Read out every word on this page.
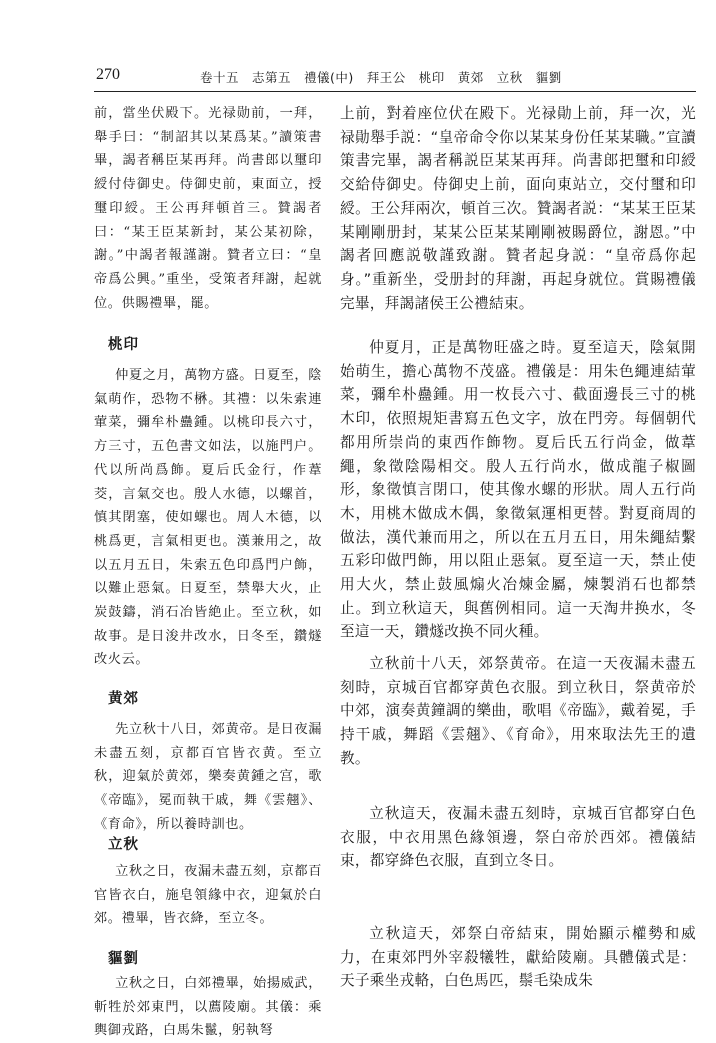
270	卷十五　志第五　禮儀(中)　拜王公　桃印　黄郊　立秋　貙劉

前，當坐伏殿下。光禄勋前，一拜，舉手曰：“制詔其以某爲某。”讀策書畢，謁者稱臣某再拜。尚書郎以璽印綬付侍御史。侍御史前，東面立，授璽印綬。王公再拜頓首三。贊謁者曰：“某王臣某新封，某公某初除，謝。”中謁者報謹謝。贊者立曰：“皇帝爲公興。”重坐，受策者拜謝，起就位。供賜禮畢，罷。

桃印

仲夏之月，萬物方盛。日夏至，陰氣萌作，恐物不楙。其禮：以朱索連葷菜，彌牟朴蠱鍾。以桃印長六寸，方三寸，五色書文如法，以施門户。代以所尚爲飾。夏后氏金行，作葦茭，言氣交也。殷人水德，以螺首，慎其閉塞，使如螺也。周人木德，以桃爲更，言氣相更也。漢兼用之，故以五月五日，朱索五色印爲門户飾，以難止惡氣。日夏至，禁舉大火，止炭鼓鑄，消石冶皆絶止。至立秋，如故事。是日浚井改水，日冬至，鑽燧改火云。

黄郊

先立秋十八日，郊黄帝。是日夜漏未盡五刻，京都百官皆衣黄。至立秋，迎氣於黄郊，樂奏黄鍾之宫，歌《帝臨》，冕而執干戚，舞《雲翹》、《育命》，所以養時訓也。

立秋

立秋之日，夜漏未盡五刻，京都百官皆衣白，施皂領緣中衣，迎氣於白郊。禮畢，皆衣絳，至立冬。

貙劉

立秋之日，白郊禮畢，始揚威武，斬牲於郊東門，以薦陵廟。其儀：乘輿御戎路，白馬朱鬣，躬執弩

上前，對着座位伏在殿下。光禄勛上前，拜一次，光禄勛舉手説：“皇帝命令你以某某身份任某某職。”宣讀策書完畢，謁者稱説臣某某再拜。尚書郎把璽和印綬交給侍御史。侍御史上前，面向東站立，交付璽和印綬。王公拜兩次，頓首三次。贊謁者説：“某某王臣某某剛剛册封，某某公臣某某剛剛被賜爵位，謝恩。”中謁者回應説敬謹致謝。贊者起身説：“皇帝爲你起身。”重新坐，受册封的拜謝，再起身就位。賞賜禮儀完畢，拜謁諸侯王公禮結束。

仲夏月，正是萬物旺盛之時。夏至這天，陰氣開始萌生，擔心萬物不茂盛。禮儀是：用朱色繩連結葷菜，彌牟朴蠱鍾。用一枚長六寸、截面邊長三寸的桃木印，依照規矩書寫五色文字，放在門旁。每個朝代都用所崇尚的東西作飾物。夏后氏五行尚金，做葦繩，象徵陰陽相交。殷人五行尚水，做成龍子椒圖形，象徵慎言閉口，使其像水螺的形狀。周人五行尚木，用桃木做成木偶，象徵氣運相更替。對夏商周的做法，漢代兼而用之，所以在五月五日，用朱繩結繫五彩印做門飾，用以阻止惡氣。夏至這一天，禁止使用大火，禁止鼓風煽火冶煉金屬，煉製消石也都禁止。到立秋這天，與舊例相同。這一天淘井换水，冬至這一天，鑽燧改换不同火種。

立秋前十八天，郊祭黄帝。在這一天夜漏未盡五刻時，京城百官都穿黄色衣服。到立秋日，祭黄帝於中郊，演奏黄鐘調的樂曲，歌唱《帝臨》，戴着冕，手持干戚，舞蹈《雲翹》、《育命》，用來取法先王的遺教。

立秋這天，夜漏未盡五刻時，京城百官都穿白色衣服，中衣用黑色緣領邊，祭白帝於西郊。禮儀結束，都穿絳色衣服，直到立冬日。

立秋這天，郊祭白帝結束，開始顯示權勢和威力，在東郊門外宰殺犧牲，獻給陵廟。具體儀式是：天子乘坐戎輅，白色馬匹，鬃毛染成朱
